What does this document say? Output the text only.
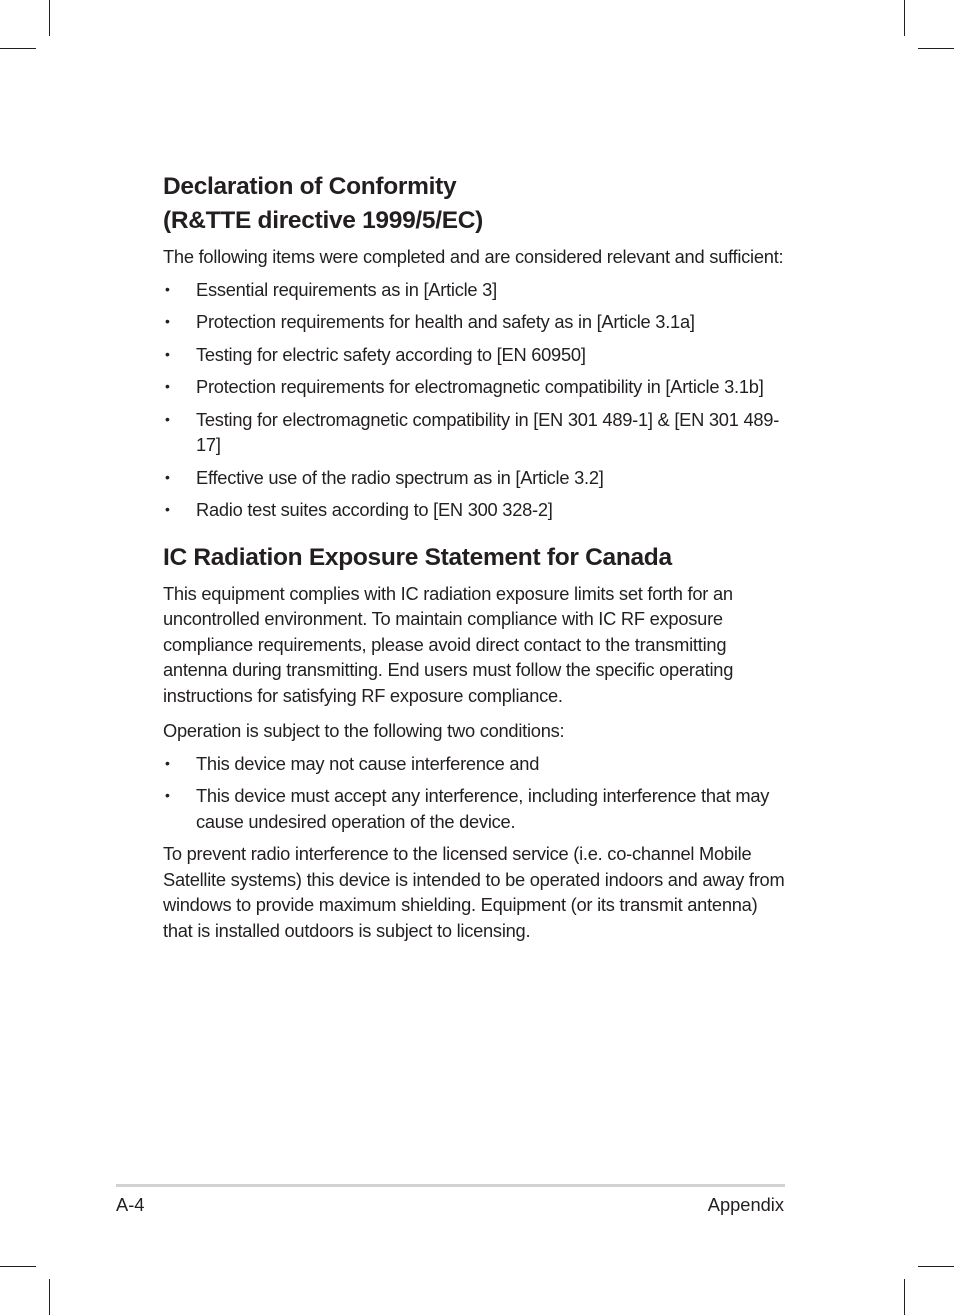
Declaration of Conformity
(R&TTE directive 1999/5/EC)

The following items were completed and are considered relevant and sufficient:

• Essential requirements as in [Article 3]
• Protection requirements for health and safety as in [Article 3.1a]
• Testing for electric safety according to [EN 60950]
• Protection requirements for electromagnetic compatibility in [Article 3.1b]
• Testing for electromagnetic compatibility in [EN 301 489-1] & [EN 301 489-17]
• Effective use of the radio spectrum as in [Article 3.2]
• Radio test suites according to [EN 300 328-2]
IC Radiation Exposure Statement for Canada

This equipment complies with IC radiation exposure limits set forth for an uncontrolled environment. To maintain compliance with IC RF exposure compliance requirements, please avoid direct contact to the transmitting antenna during transmitting. End users must follow the specific operating instructions for satisfying RF exposure compliance.

Operation is subject to the following two conditions:

• This device may not cause interference and
• This device must accept any interference, including interference that may cause undesired operation of the device.

To prevent radio interference to the licensed service (i.e. co-channel Mobile Satellite systems) this device is intended to be operated indoors and away from windows to provide maximum shielding. Equipment (or its transmit antenna) that is installed outdoors is subject to licensing.

A-4	Appendix
